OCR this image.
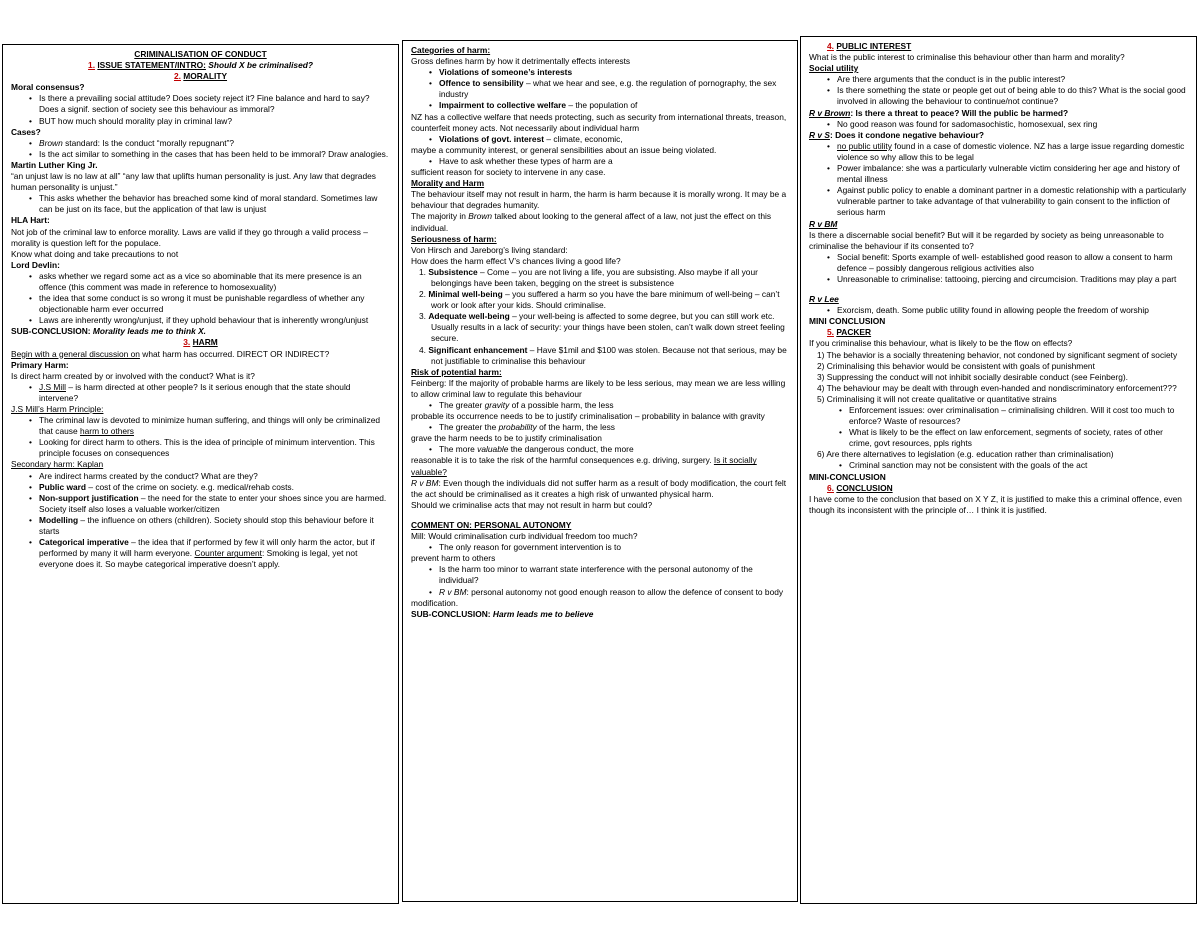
CRIMINALISATION OF CONDUCT

1. ISSUE STATEMENT/INTRO: Should X be criminalised?

2. MORALITY

Moral consensus?

• Is there a prevailing social attitude? Does society reject it? Fine balance and hard to say? Does a signif. section of society see this behaviour as immoral?
• BUT how much should morality play in criminal law?

Cases?

• Brown standard: Is the conduct “morally repugnant”?
• Is the act similar to something in the cases that has been held to be immoral? Draw analogies.

Martin Luther King Jr.

“an unjust law is no law at all” “any law that uplifts human personality is just. Any law that degrades human personality is unjust.”

• This asks whether the behavior has breached some kind of moral standard. Sometimes law can be just on its face, but the application of that law is unjust

HLA Hart:

Not job of the criminal law to enforce morality. Laws are valid if they go through a valid process – morality is question left for the populace.

Know what doing and take precautions to not

Lord Devlin:

• asks whether we regard some act as a vice so abominable that its mere presence is an offence (this comment was made in reference to homosexuality)
• the idea that some conduct is so wrong it must be punishable regardless of whether any objectionable harm ever occurred
• Laws are inherently wrong/unjust, if they uphold behaviour that is inherently wrong/unjust

SUB-CONCLUSION: Morality leads me to think X.

3. HARM

Begin with a general discussion on what harm has occurred. DIRECT OR INDIRECT?

Primary Harm:

Is direct harm created by or involved with the conduct? What is it?

• J.S Mill – is harm directed at other people? Is it serious enough that the state should intervene?

J.S Mill’s Harm Principle:

• The criminal law is devoted to minimize human suffering, and things will only be criminalized that cause harm to others
• Looking for direct harm to others. This is the idea of principle of minimum intervention. This principle focuses on consequences

Secondary harm: Kaplan

• Are indirect harms created by the conduct? What are they?
• Public ward – cost of the crime on society. e.g. medical/rehab costs.
• Non-support justification – the need for the state to enter your shoes since you are harmed. Society itself also loses a valuable worker/citizen
• Modelling – the influence on others (children). Society should stop this behaviour before it starts
• Categorical imperative – the idea that if performed by few it will only harm the actor, but if performed by many it will harm everyone. Counter argument: Smoking is legal, yet not everyone does it. So maybe categorical imperative doesn’t apply.

Categories of harm:

Gross defines harm by how it detrimentally effects interests

• Violations of someone’s interests
• Offence to sensibility – what we hear and see, e.g. the regulation of pornography, the sex industry
• Impairment to collective welfare – the population of

NZ has a collective welfare that needs protecting, such as security from international threats, treason, counterfeit money acts. Not necessarily about individual harm

• Violations of govt. interest – climate, economic,

maybe a community interest, or general sensibilities about an issue being violated.

• Have to ask whether these types of harm are a

sufficient reason for society to intervene in any case.

Morality and Harm

The behaviour itself may not result in harm, the harm is harm because it is morally wrong. It may be a behaviour that degrades humanity.

The majority in Brown talked about looking to the general affect of a law, not just the effect on this individual.

Seriousness of harm:

Von Hirsch and Jareborg’s living standard:

How does the harm effect V’s chances living a good life?

1. Subsistence – Come – you are not living a life, you are subsisting. Also maybe if all your belongings have been taken, begging on the street is subsistence

2. Minimal well-being – you suffered a harm so you have the bare minimum of well-being – can’t work or look after your kids. Should criminalise.

3. Adequate well-being – your well-being is affected to some degree, but you can still work etc. Usually results in a lack of security: your things have been stolen, can’t walk down street feeling secure.

4. Significant enhancement – Have $1mil and $100 was stolen. Because not that serious, may be not justifiable to criminalise this behaviour

Risk of potential harm:

Feinberg: If the majority of probable harms are likely to be less serious, may mean we are less willing to allow criminal law to regulate this behaviour

• The greater gravity of a possible harm, the less

probable its occurrence needs to be to justify criminalisation – probability in balance with gravity

• The greater the probability of the harm, the less

grave the harm needs to be to justify criminalisation

• The more valuable the dangerous conduct, the more

reasonable it is to take the risk of the harmful consequences e.g. driving, surgery. Is it socially valuable?

R v BM: Even though the individuals did not suffer harm as a result of body modification, the court felt the act should be criminalised as it creates a high risk of unwanted physical harm.

Should we criminalise acts that may not result in harm but could?

COMMENT ON: PERSONAL AUTONOMY

Mill: Would criminalisation curb individual freedom too much?

• The only reason for government intervention is to

prevent harm to others

• Is the harm too minor to warrant state interference with the personal autonomy of the individual?
• R v BM: personal autonomy not good enough reason to allow the defence of consent to body

modification.

SUB-CONCLUSION: Harm leads me to believe

4. PUBLIC INTEREST

What is the public interest to criminalise this behaviour other than harm and morality?

Social utility

• Are there arguments that the conduct is in the public interest?
• Is there something the state or people get out of being able to do this? What is the social good involved in allowing the behaviour to continue/not continue?

R v Brown: Is there a threat to peace? Will the public be harmed?

• No good reason was found for sadomasochistic, homosexual, sex ring

R v S: Does it condone negative behaviour?

• no public utility found in a case of domestic violence. NZ has a large issue regarding domestic violence so why allow this to be legal
• Power imbalance: she was a particularly vulnerable victim considering her age and history of mental illness
• Against public policy to enable a dominant partner in a domestic relationship with a particularly vulnerable partner to take advantage of that vulnerability to gain consent to the infliction of serious harm

R v BM

Is there a discernable social benefit? But will it be regarded by society as being unreasonable to criminalise the behaviour if its consented to?

• Social benefit: Sports example of well- established good reason to allow a consent to harm defence – possibly dangerous religious activities also
• Unreasonable to criminalise: tattooing, piercing and circumcision. Traditions may play a part

R v Lee

• Exorcism, death. Some public utility found in allowing people the freedom of worship

MINI CONCLUSION

5. PACKER

If you criminalise this behaviour, what is likely to be the flow on effects?

1) The behavior is a socially threatening behavior, not condoned by significant segment of society

2) Criminalising this behavior would be consistent with goals of punishment

3) Suppressing the conduct will not inhibit socially desirable conduct (see Feinberg).

4) The behaviour may be dealt with through even-handed and nondiscriminatory enforcement???

5) Criminalising it will not create qualitative or quantitative strains

• Enforcement issues: over criminalisation – criminalising children. Will it cost too much to enforce? Waste of resources?
• What is likely to be the effect on law enforcement, segments of society, rates of other crime, govt resources, ppls rights

6) Are there alternatives to legislation (e.g. education rather than criminalisation)

• Criminal sanction may not be consistent with the goals of the act

MINI-CONCLUSION

6. CONCLUSION

I have come to the conclusion that based on X Y Z, it is justified to make this a criminal offence, even though its inconsistent with the principle of… I think it is justified.
